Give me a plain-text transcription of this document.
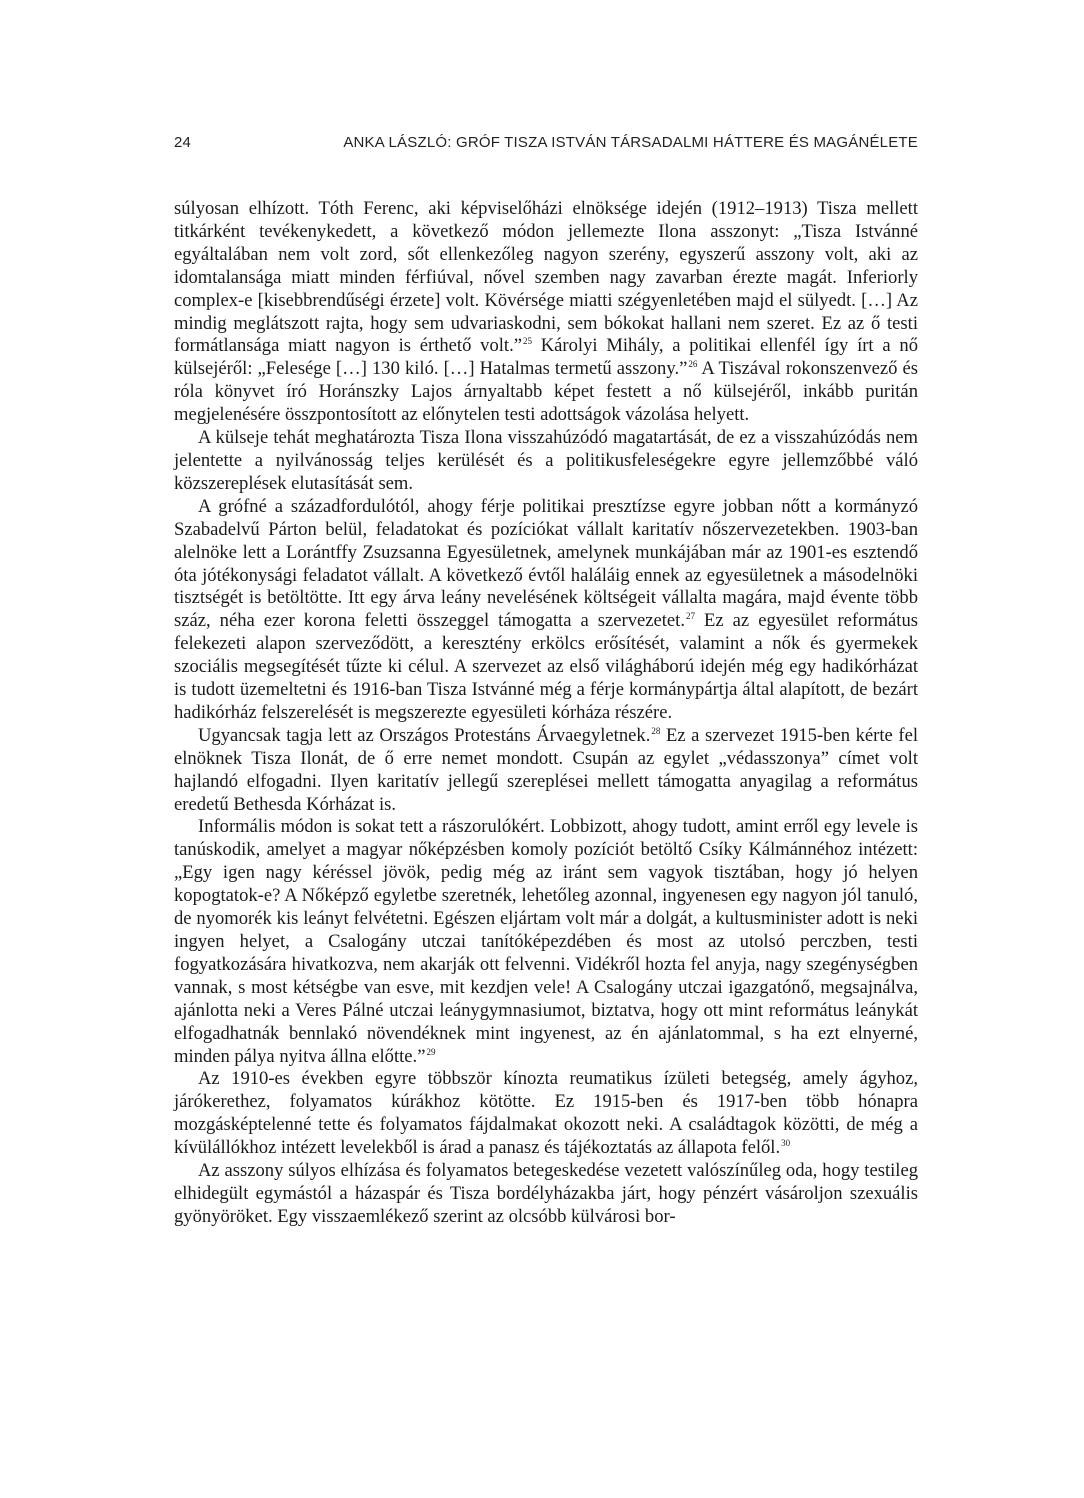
24	ANKA LÁSZLÓ: GRÓF TISZA ISTVÁN TÁRSADALMI HÁTTERE ÉS MAGÁNÉLETE

súlyosan elhízott. Tóth Ferenc, aki képviselőházi elnöksége idején (1912–1913) Tisza mellett titkárként tevékenykedett, a következő módon jellemezte Ilona asszonyt: „Tisza Istvánné egyáltalában nem volt zord, sőt ellenkezőleg nagyon szerény, egyszerű asszony volt, aki az idomtalansága miatt minden férfiúval, nővel szemben nagy zavarban érezte magát. Inferiorly complex-e [kisebbrendűségi érzete] volt. Kövérsége miatti szégyenletében majd el sülyedt. […] Az mindig meglátszott rajta, hogy sem udvariaskodni, sem bókokat hallani nem szeret. Ez az ő testi formátlansága miatt nagyon is érthető volt.”$^{25}$ Károlyi Mihály, a politikai ellenfél így írt a nő külsejéről: „Felesége […] 130 kiló. […] Hatalmas termetű asszony.”$^{26}$ A Tiszával rokonszenvező és róla könyvet író Horánszky Lajos árnyaltabb képet festett a nő külsejéről, inkább puritán megjelenésére összpontosított az előnytelen testi adottságok vázolása helyett.

A külseje tehát meghatározta Tisza Ilona visszahúzódó magatartását, de ez a visszahúzódás nem jelentette a nyilvánosság teljes kerülését és a politikusfeleségekre egyre jellemzőbbé váló közszereplések elutasítását sem.

A grófné a századfordulótól, ahogy férje politikai presztízse egyre jobban nőtt a kormányzó Szabadelvű Párton belül, feladatokat és pozíciókat vállalt karitatív nőszervezetekben. 1903-ban alelnöke lett a Lorántffy Zsuzsanna Egyesületnek, amelynek munkájában már az 1901-es esztendő óta jótékonysági feladatot vállalt. A következő évtől haláláig ennek az egyesületnek a másodelnöki tisztségét is betöltötte. Itt egy árva leány nevelésének költségeit vállalta magára, majd évente több száz, néha ezer korona feletti összeggel támogatta a szervezetet.$^{27}$ Ez az egyesület református felekezeti alapon szerveződött, a keresztény erkölcs erősítését, valamint a nők és gyermekek szociális megsegítését tűzte ki célul. A szervezet az első világháború idején még egy hadikórházat is tudott üzemeltetni és 1916-ban Tisza Istvánné még a férje kormánypártja által alapított, de bezárt hadikórház felszerelését is megszerezte egyesületi kórháza részére.

Ugyancsak tagja lett az Országos Protestáns Árvaegyletnek.$^{28}$ Ez a szervezet 1915-ben kérte fel elnöknek Tisza Ilonát, de ő erre nemet mondott. Csupán az egylet „védasszonya” címet volt hajlandó elfogadni. Ilyen karitatív jellegű szereplései mellett támogatta anyagilag a református eredetű Bethesda Kórházat is.

Informális módon is sokat tett a rászorulókért. Lobbizott, ahogy tudott, amint erről egy levele is tanúskodik, amelyet a magyar nőképzésben komoly pozíciót betöltő Csíky Kálmánnéhoz intézett: „Egy igen nagy kéréssel jövök, pedig még az iránt sem vagyok tisztában, hogy jó helyen kopogtatok-e? A Nőképző egyletbe szeretnék, lehetőleg azonnal, ingyenesen egy nagyon jól tanuló, de nyomorék kis leányt felvétetni. Egészen eljártam volt már a dolgát, a kultusminister adott is neki ingyen helyet, a Csalogány utczai tanítóképezdében és most az utolsó perczben, testi fogyatkozására hivatkozva, nem akarják ott felvenni. Vidékről hozta fel anyja, nagy szegénységben vannak, s most kétségbe van esve, mit kezdjen vele! A Csalogány utczai igazgatónő, megsajnálva, ajánlotta neki a Veres Pálné utczai leánygymnasiumot, biztatva, hogy ott mint református leánykát elfogadhatnák bennlakó növendéknek mint ingyenest, az én ajánlatommal, s ha ezt elnyerné, minden pálya nyitva állna előtte.”$^{29}$

Az 1910-es években egyre többször kínozta reumatikus ízületi betegség, amely ágyhoz, járókerethez, folyamatos kúrákhoz kötötte. Ez 1915-ben és 1917-ben több hónapra mozgásképtelenné tette és folyamatos fájdalmakat okozott neki. A családtagok közötti, de még a kívülállókhoz intézett levelekből is árad a panasz és tájékoztatás az állapota felől.$^{30}$

Az asszony súlyos elhízása és folyamatos betegeskedése vezetett valószínűleg oda, hogy testileg elhidegült egymástól a házaspár és Tisza bordélyházakba járt, hogy pénzért vásároljon szexuális gyönyöröket. Egy visszaemlékező szerint az olcsóbb külvárosi bor-
